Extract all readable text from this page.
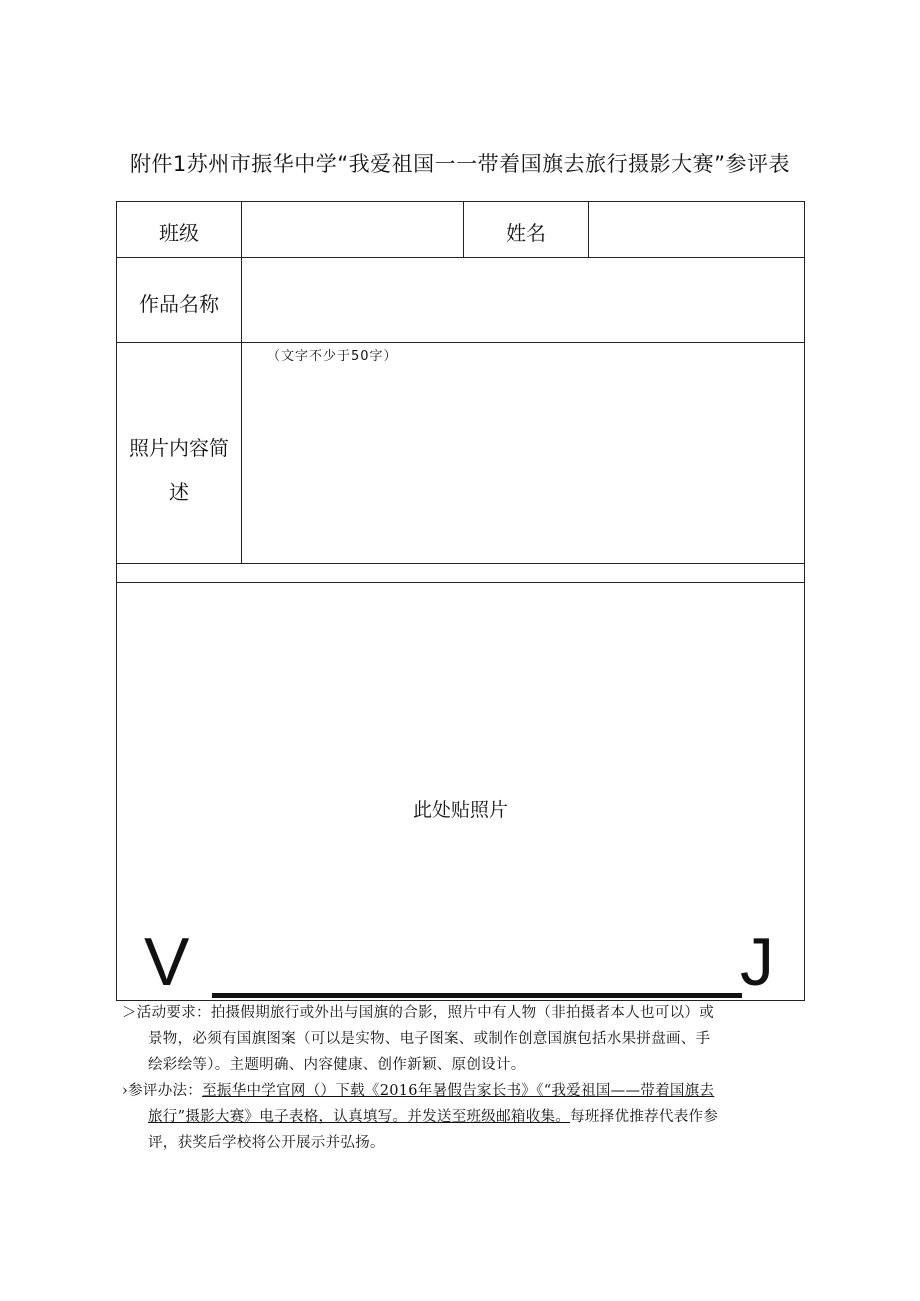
附件1苏州市振华中学“我爱祖国一一带着国旗去旅行摄影大赛”参评表
班级	姓名
作品名称
照片内容简
述
（文字不少于50字）
此处贴照片
V	J

＞活动要求：拍摄假期旅行或外出与国旗的合影，照片中有人物（非拍摄者本人也可以）或
景物，必须有国旗图案（可以是实物、电子图案、或制作创意国旗包括水果拼盘画、手
绘彩绘等）。主题明确、内容健康、创作新颖、原创设计。

›参评办法：至振华中学官网（）下载《2016年暑假告家长书》《“我爱祖国——带着国旗去
旅行”摄影大赛》电子表格，认真填写。并发送至班级邮箱收集。每班择优推荐代表作参
评，获奖后学校将公开展示并弘扬。
